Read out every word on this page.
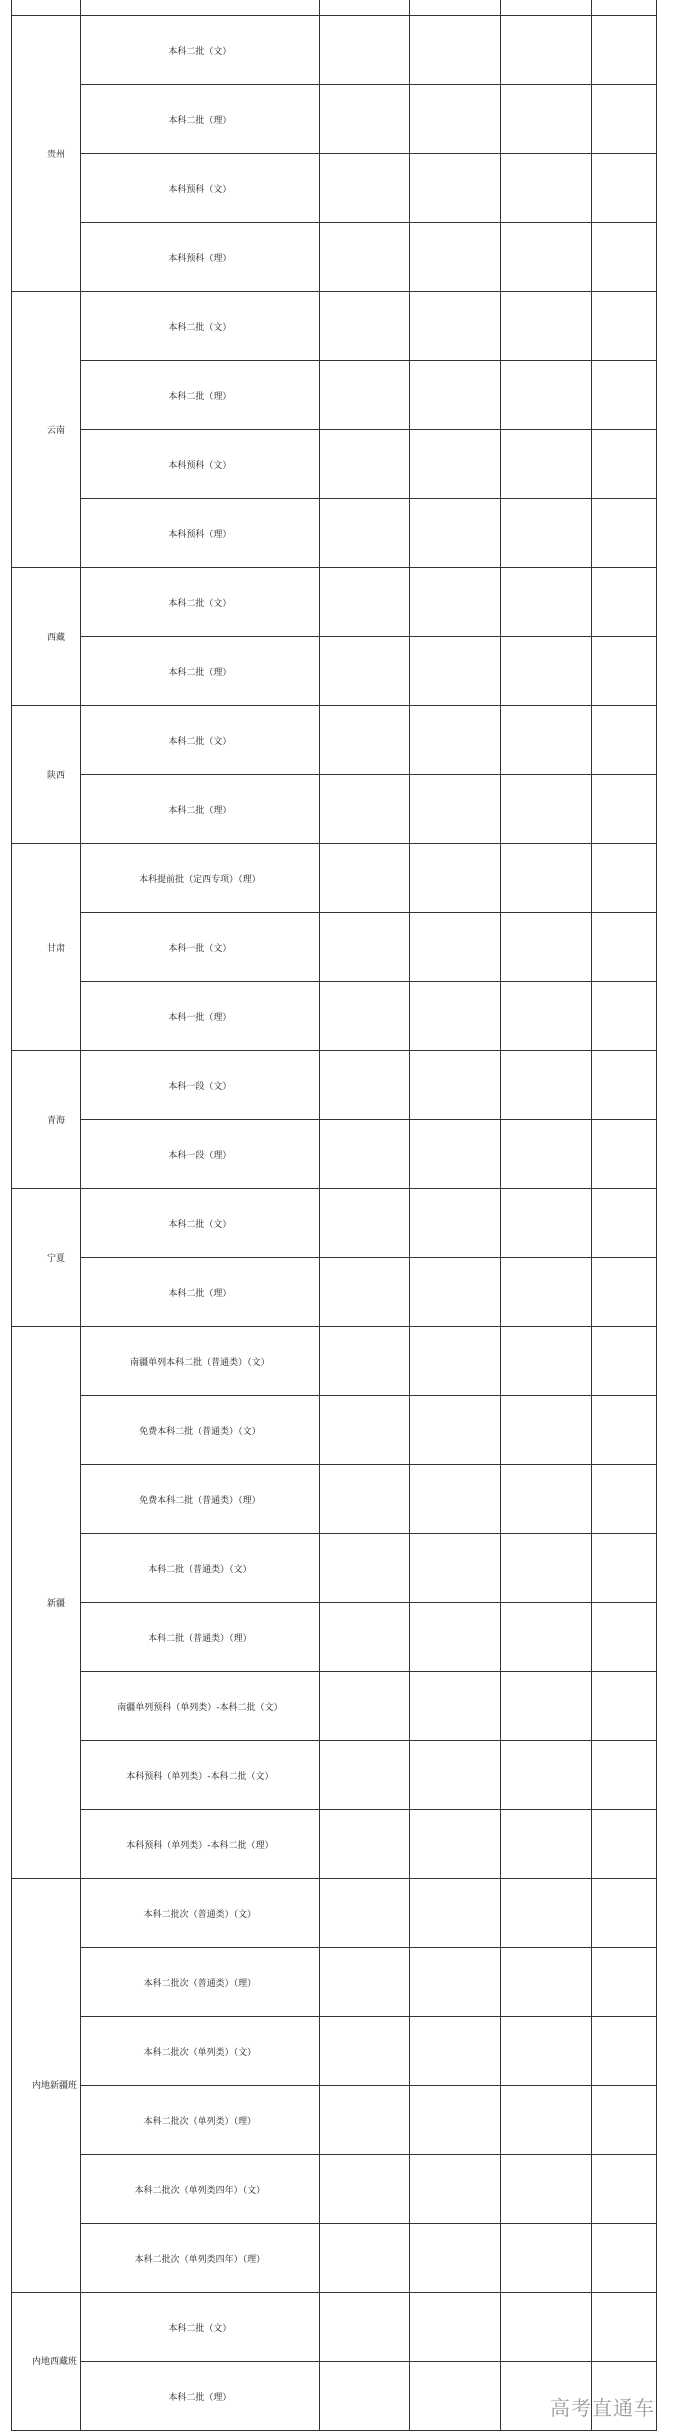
贵州	本科二批（文）				
	本科二批（理）				
	本科预科（文）				
	本科预科（理）				
云南	本科二批（文）				
	本科二批（理）				
	本科预科（文）				
	本科预科（理）				
西藏	本科二批（文）				
	本科二批（理）				
陕西	本科二批（文）				
	本科二批（理）				
甘肃	本科提前批（定西专项）（理）				
	本科一批（文）				
	本科一批（理）				
青海	本科一段（文）				
	本科一段（理）				
宁夏	本科二批（文）				
	本科二批（理）				
新疆	南疆单列本科二批（普通类）（文）				
	免费本科二批（普通类）（文）				
	免费本科二批（普通类）（理）				
	本科二批（普通类）（文）				
	本科二批（普通类）（理）				
	南疆单列预科（单列类）-本科二批（文）				
	本科预科（单列类）-本科二批（文）				
	本科预科（单列类）-本科二批（理）				
内地新疆班	本科二批次（普通类）（文）				
	本科二批次（普通类）（理）				
	本科二批次（单列类）（文）				
	本科二批次（单列类）（理）				
	本科二批次（单列类四年）（文）				
	本科二批次（单列类四年）（理）				
内地西藏班	本科二批（文）				
	本科二批（理）					高考直通车
